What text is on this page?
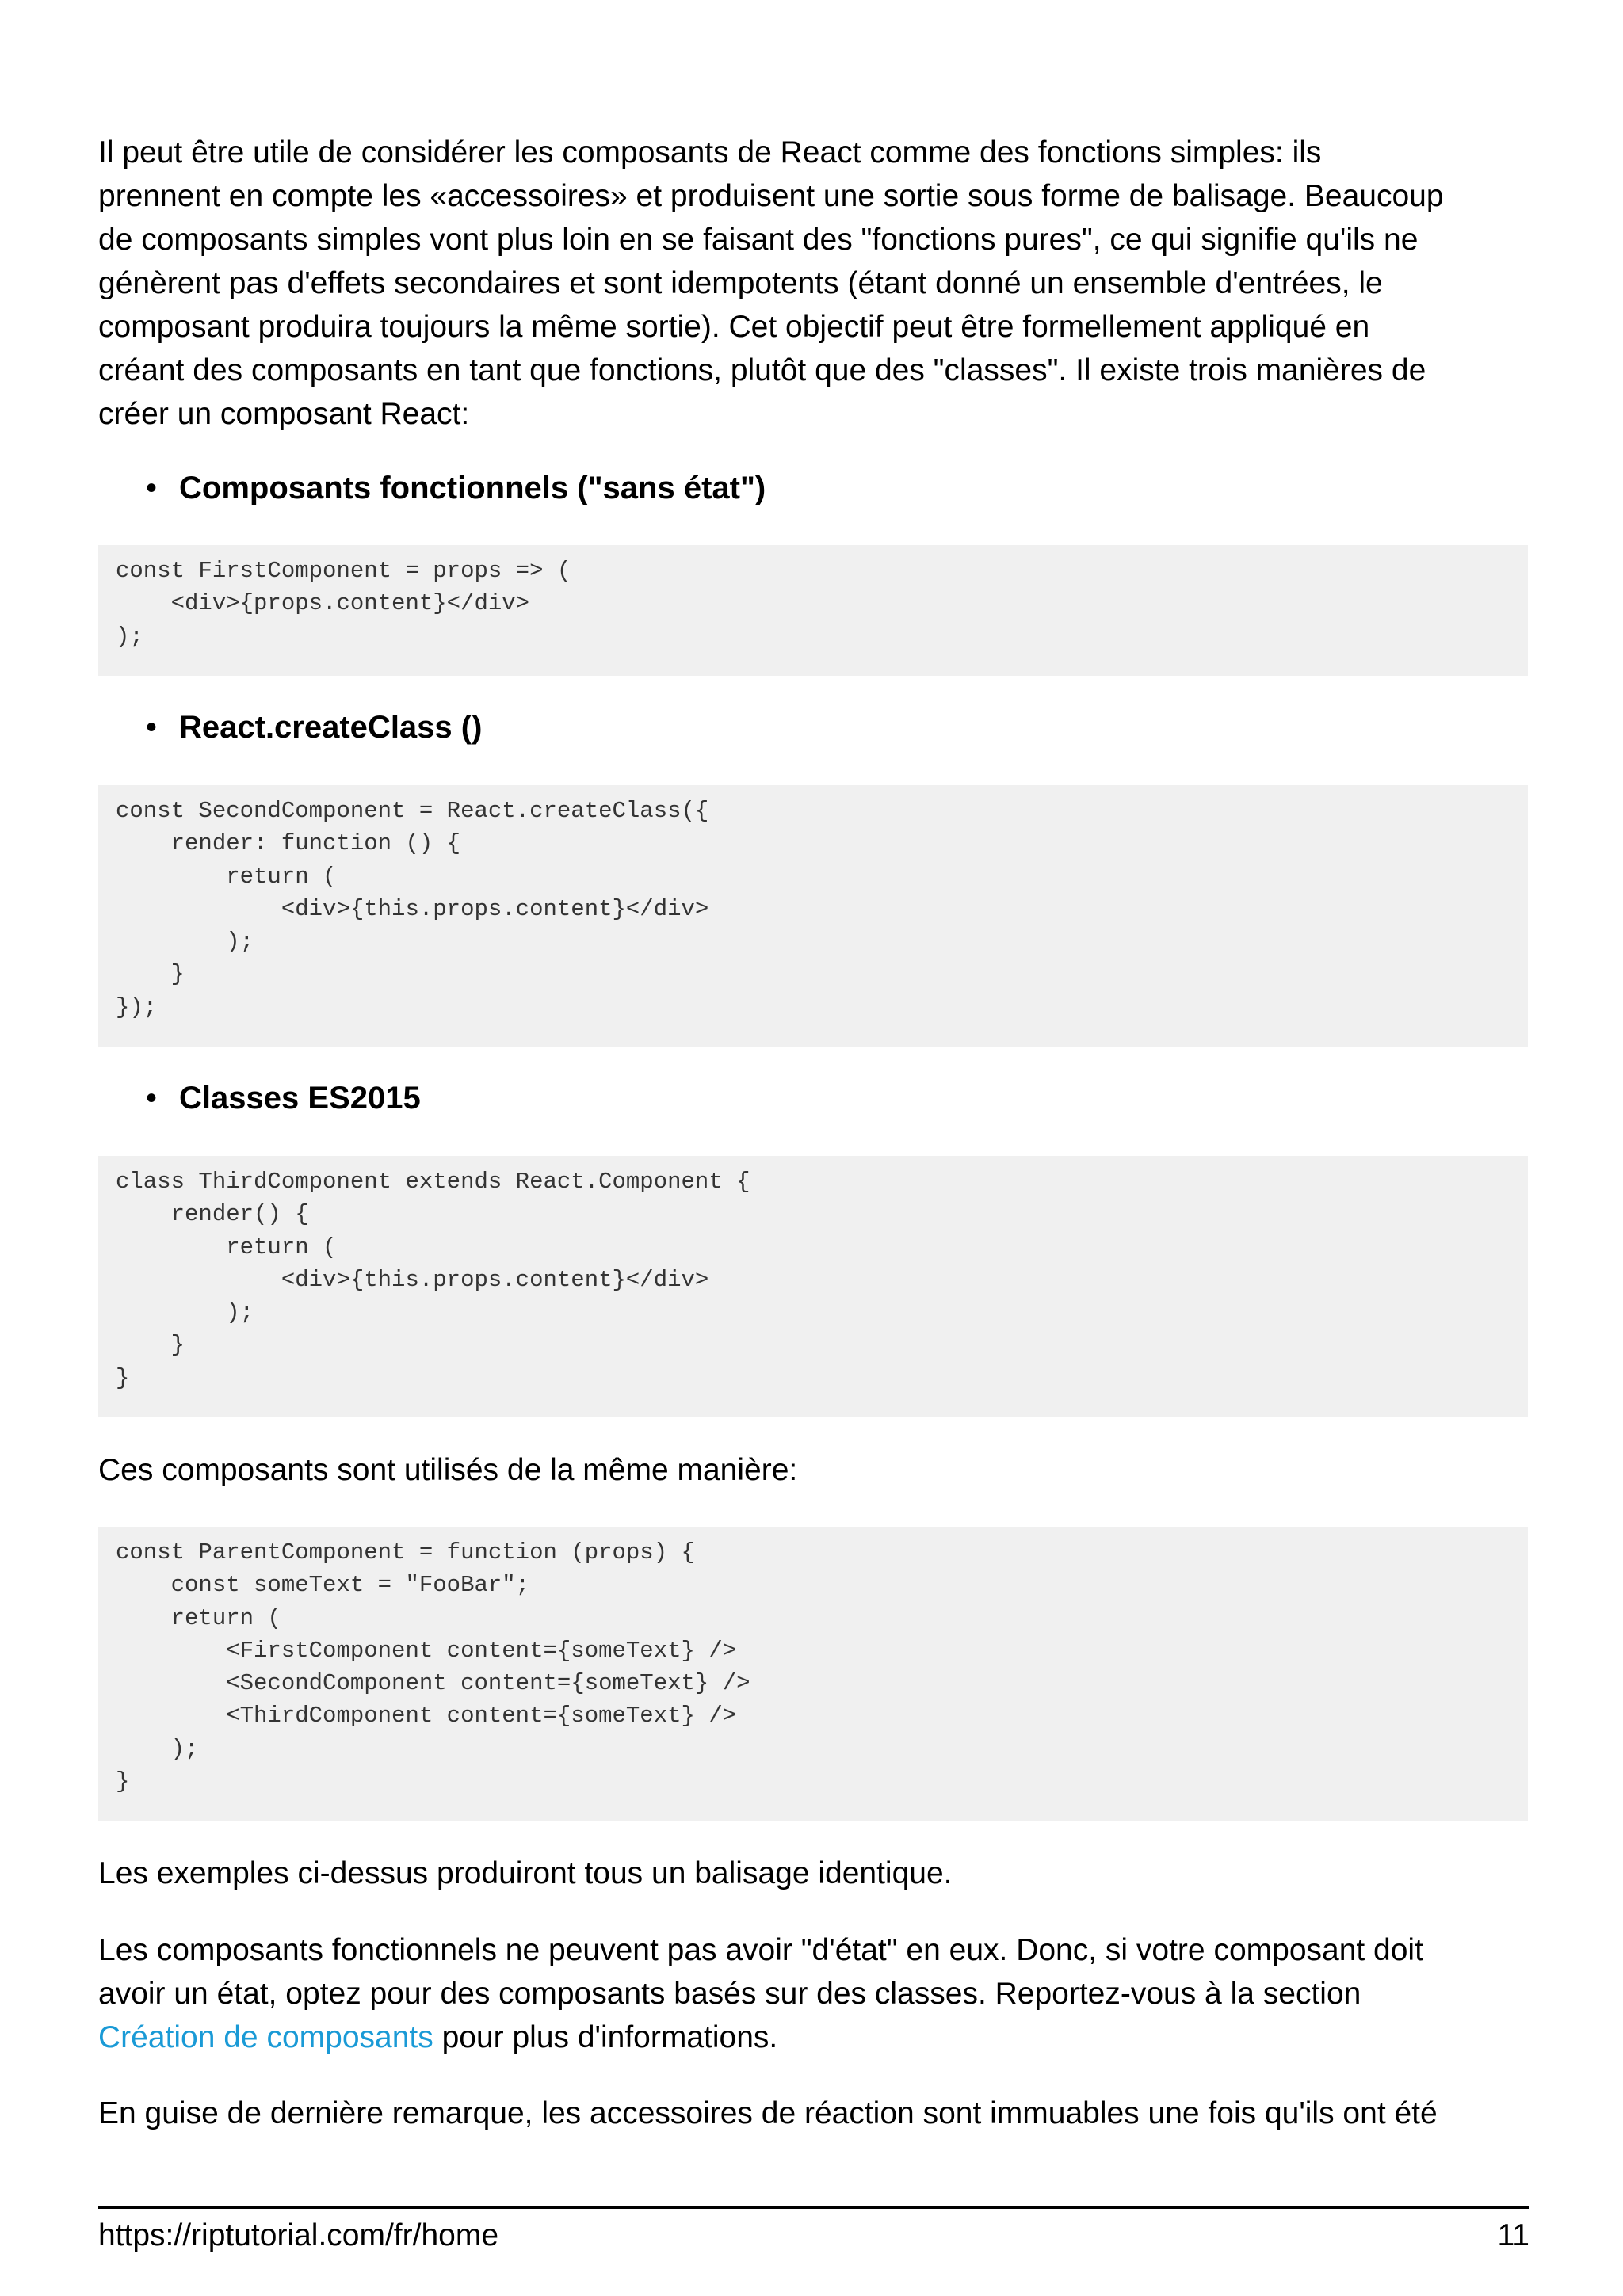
Il peut être utile de considérer les composants de React comme des fonctions simples: ils
prennent en compte les «accessoires» et produisent une sortie sous forme de balisage. Beaucoup
de composants simples vont plus loin en se faisant des "fonctions pures", ce qui signifie qu'ils ne
génèrent pas d'effets secondaires et sont idempotents (étant donné un ensemble d'entrées, le
composant produira toujours la même sortie). Cet objectif peut être formellement appliqué en
créant des composants en tant que fonctions, plutôt que des "classes". Il existe trois manières de
créer un composant React:

• Composants fonctionnels ("sans état")

const FirstComponent = props => (
<div>{props.content}</div>
);

• React.createClass ()

const SecondComponent = React.createClass({
render: function () {
return (
<div>{this.props.content}</div>
);
}
});

• Classes ES2015

class ThirdComponent extends React.Component {
render() {
return (
<div>{this.props.content}</div>
);
}
}

Ces composants sont utilisés de la même manière:

const ParentComponent = function (props) {
const someText = "FooBar";
return (
<FirstComponent content={someText} />
<SecondComponent content={someText} />
<ThirdComponent content={someText} />
);
}

Les exemples ci-dessus produiront tous un balisage identique.

Les composants fonctionnels ne peuvent pas avoir "d'état" en eux. Donc, si votre composant doit
avoir un état, optez pour des composants basés sur des classes. Reportez-vous à la section
Création de composants pour plus d'informations.

En guise de dernière remarque, les accessoires de réaction sont immuables une fois qu'ils ont été

https://riptutorial.com/fr/home	11
